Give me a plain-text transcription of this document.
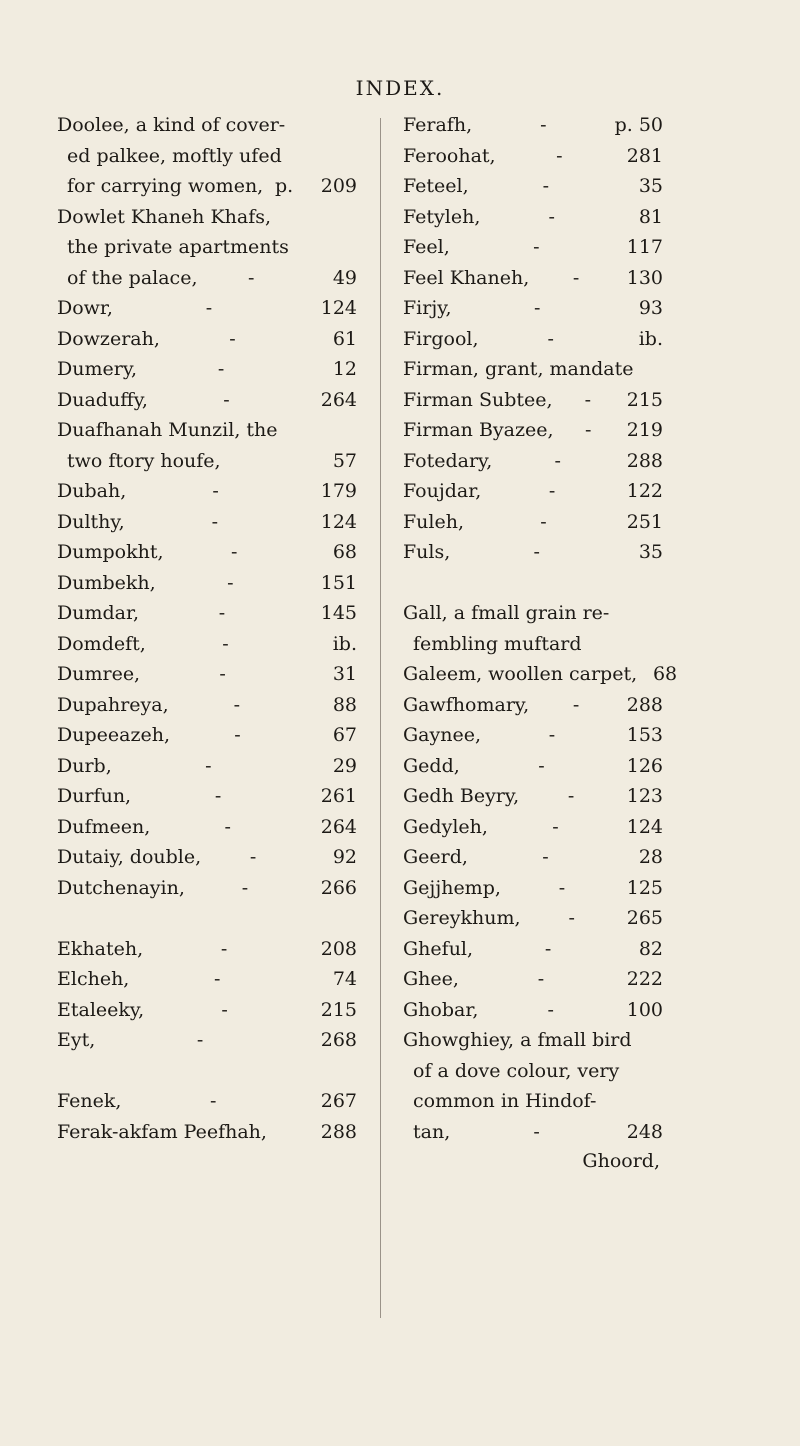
INDEX.
Doolee, a kind of cover-
ed palkee, moftly ufed
for carrying women, p.	209
Dowlet Khaneh Khafs,
the private apartments
of the palace,	-	49
Dowr,	-	124
Dowzerah,	-	61
Dumery,	-	12
Duaduffy,	-	264
Duafhanah Munzil, the
two ftory houfe,	57
Dubah,	-	179
Dulthy,	-	124
Dumpokht,	-	68
Dumbekh,	-	151
Dumdar,	-	145
Domdeft,	-	ib.
Dumree,	-	31
Dupahreya,	-	88
Dupeeazeh,	-	67
Durb,	-	29
Durfun,	-	261
Dufmeen,	-	264
Dutaiy, double,	-	92
Dutchenayin,	-	266
Ekhateh,	-	208
Elcheh,	-	74
Etaleeky,	-	215
Eyt,	-	268
Fenek,	-	267
Ferak-akfam Peefhah,	288
Ferafh,	-	p. 50
Feroohat,	-	281
Feteel,	-	35
Fetyleh,	-	81
Feel,	-	117
Feel Khaneh,	-	130
Firjy,	-	93
Firgool,	-	ib.
Firman, grant, mandate
Firman Subtee,	-	215
Firman Byazee,	-	219
Fotedary,	-	288
Foujdar,	-	122
Fuleh,	-	251
Fuls,	-	35
Gall, a fmall grain re-
fembling muftard
Galeem, woollen carpet, 68
Gawfhomary,	-	288
Gaynee,	-	153
Gedd,	-	126
Gedh Beyry,	-	123
Gedyleh,	-	124
Geerd,	-	28
Gejjhemp,	-	125
Gereykhum,	-	265
Gheful,	-	82
Ghee,	-	222
Ghobar,	-	100
Ghowghiey, a fmall bird
of a dove colour, very
common in Hindof-
tan,	-	248
Ghoord,
